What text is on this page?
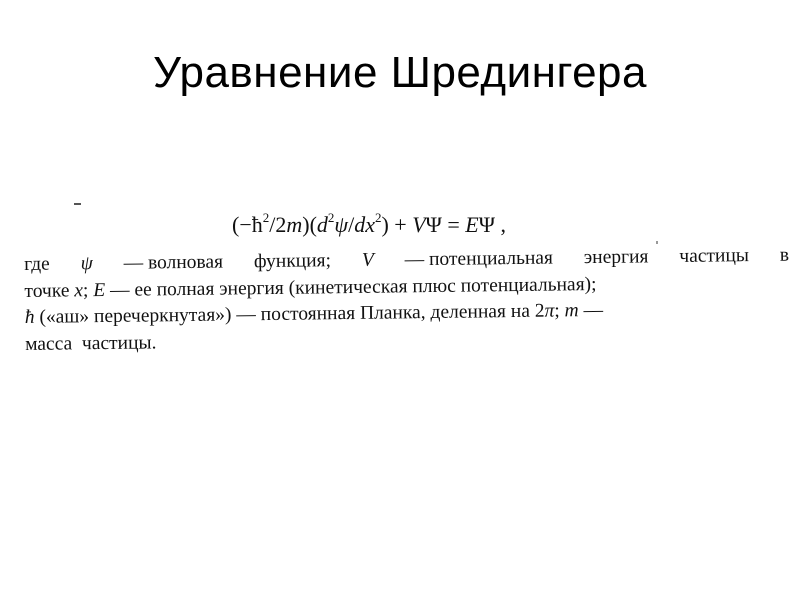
Уравнение Шредингера
$(-ħ^2/2m)(d^2\psi/dx^2) + V\Psi = E\Psi$ ,
где ψ — волновая функция; V — потенциальная энергия частицы в
точке x ; E — ее полная энергия (кинетическая плюс потенциальная);
ħ («аш» перечеркнутая») — постоянная Планка, деленная на 2 π ; m —
масса  частицы.
